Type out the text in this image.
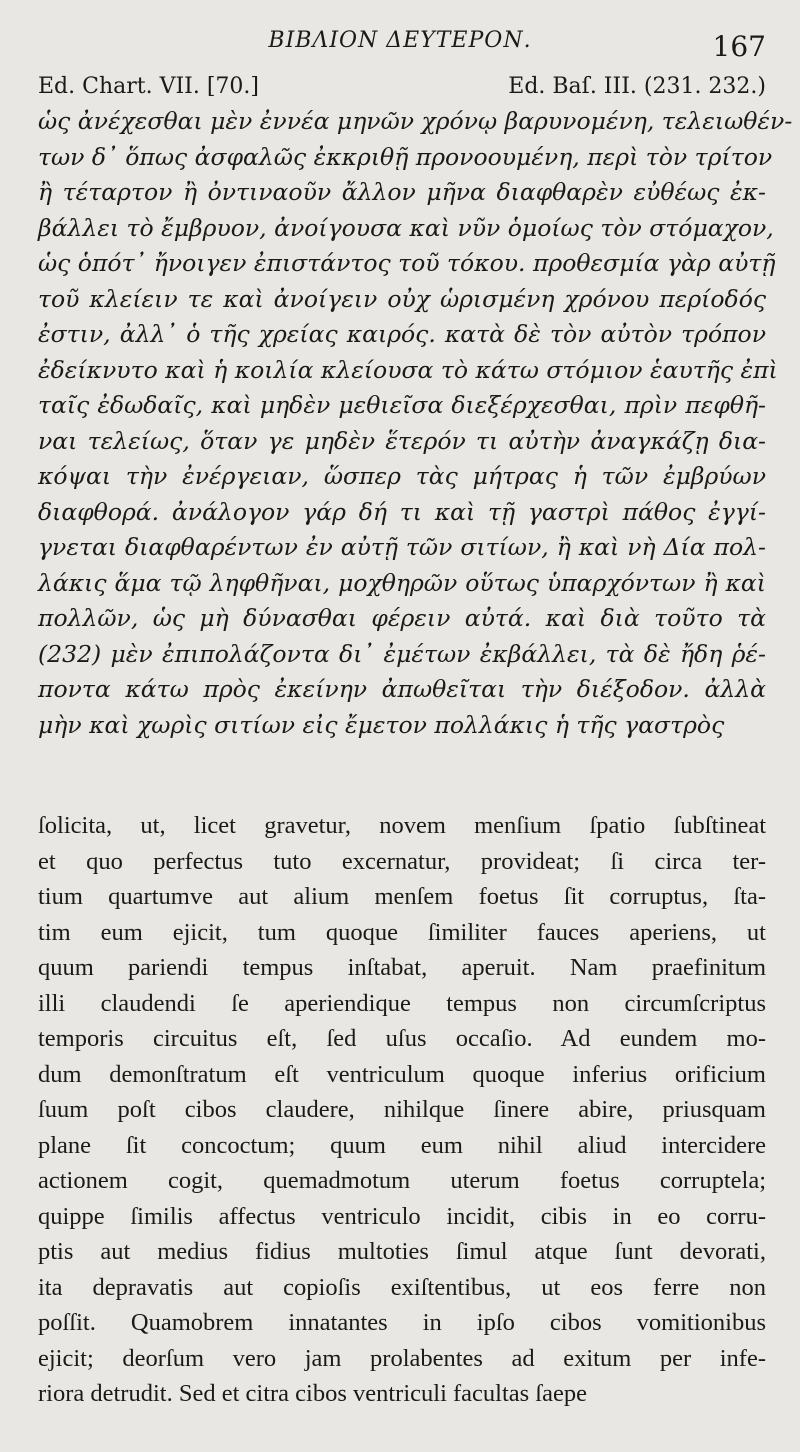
ΒΙΒΛΙΟΝ ΔΕΥΤΕΡΟΝ.	167
Ed. Chart. VII. [70.]	Ed. Baſ. III. (231. 232.)
ὡς ἀνέχεσθαι μὲν ἐννέα μηνῶν χρόνῳ βαρυνομένη, τελειωθέν-
των δ᾽ ὅπως ἀσφαλῶς ἐκκριθῇ προνοουμένη, περὶ τὸν τρίτον
ἢ τέταρτον ἢ ὀντιναοῦν ἄλλον μῆνα διαφθαρὲν εὐθέως ἐκ-
βάλλει τὸ ἔμβρυον, ἀνοίγουσα καὶ νῦν ὁμοίως τὸν στόμαχον,
ὡς ὁπότ᾽ ἤνοιγεν ἐπιστάντος τοῦ τόκου. προθεσμία γὰρ αὐτῇ
τοῦ κλείειν τε καὶ ἀνοίγειν οὐχ ὡρισμένη χρόνου περίοδός
ἐστιν, ἀλλ᾽ ὁ τῆς χρείας καιρός. κατὰ δὲ τὸν αὐτὸν τρόπον
ἐδείκνυτο καὶ ἡ κοιλία κλείουσα τὸ κάτω στόμιον ἑαυτῆς ἐπὶ
ταῖς ἐδωδαῖς, καὶ μηδὲν μεθιεῖσα διεξέρχεσθαι, πρὶν πεφθῆ-
ναι τελείως, ὅταν γε μηδὲν ἕτερόν τι αὐτὴν ἀναγκάζῃ δια-
κόψαι τὴν ἐνέργειαν, ὥσπερ τὰς μήτρας ἡ τῶν ἐμβρύων
διαφθορά. ἀνάλογον γάρ δή τι καὶ τῇ γαστρὶ πάθος ἐγγί-
γνεται διαφθαρέντων ἐν αὐτῇ τῶν σιτίων, ἢ καὶ νὴ Δία πολ-
λάκις ἅμα τῷ ληφθῆναι, μοχθηρῶν οὕτως ὑπαρχόντων ἢ καὶ
πολλῶν, ὡς μὴ δύνασθαι φέρειν αὐτά. καὶ διὰ τοῦτο τὰ
(232) μὲν ἐπιπολάζοντα δι᾽ ἐμέτων ἐκβάλλει, τὰ δὲ ἤδη ῥέ-
ποντα κάτω πρὸς ἐκείνην ἀπωθεῖται τὴν διέξοδον. ἀλλὰ
μὴν καὶ χωρὶς σιτίων εἰς ἔμετον πολλάκις ἡ τῆς γαστρὸς
ſolicita, ut, licet gravetur, novem menſium ſpatio ſubſtineat
et quo perfectus tuto excernatur, provideat; ſi circa ter-
tium quartumve aut alium menſem foetus ſit corruptus, ſta-
tim eum ejicit, tum quoque ſimiliter fauces aperiens, ut
quum pariendi tempus inſtabat, aperuit. Nam praefinitum
illi claudendi ſe aperiendique tempus non circumſcriptus
temporis circuitus eſt, ſed uſus occaſio. Ad eundem mo-
dum demonſtratum eſt ventriculum quoque inferius orificium
ſuum poſt cibos claudere, nihilque ſinere abire, priusquam
plane ſit concoctum; quum eum nihil aliud intercidere
actionem cogit, quemadmotum uterum foetus corruptela;
quippe ſimilis affectus ventriculo incidit, cibis in eo corru-
ptis aut medius fidius multoties ſimul atque ſunt devorati,
ita depravatis aut copioſis exiſtentibus, ut eos ferre non
poſſit. Quamobrem innatantes in ipſo cibos vomitionibus
ejicit; deorſum vero jam prolabentes ad exitum per infe-
riora detrudit. Sed et citra cibos ventriculi facultas ſaepe
